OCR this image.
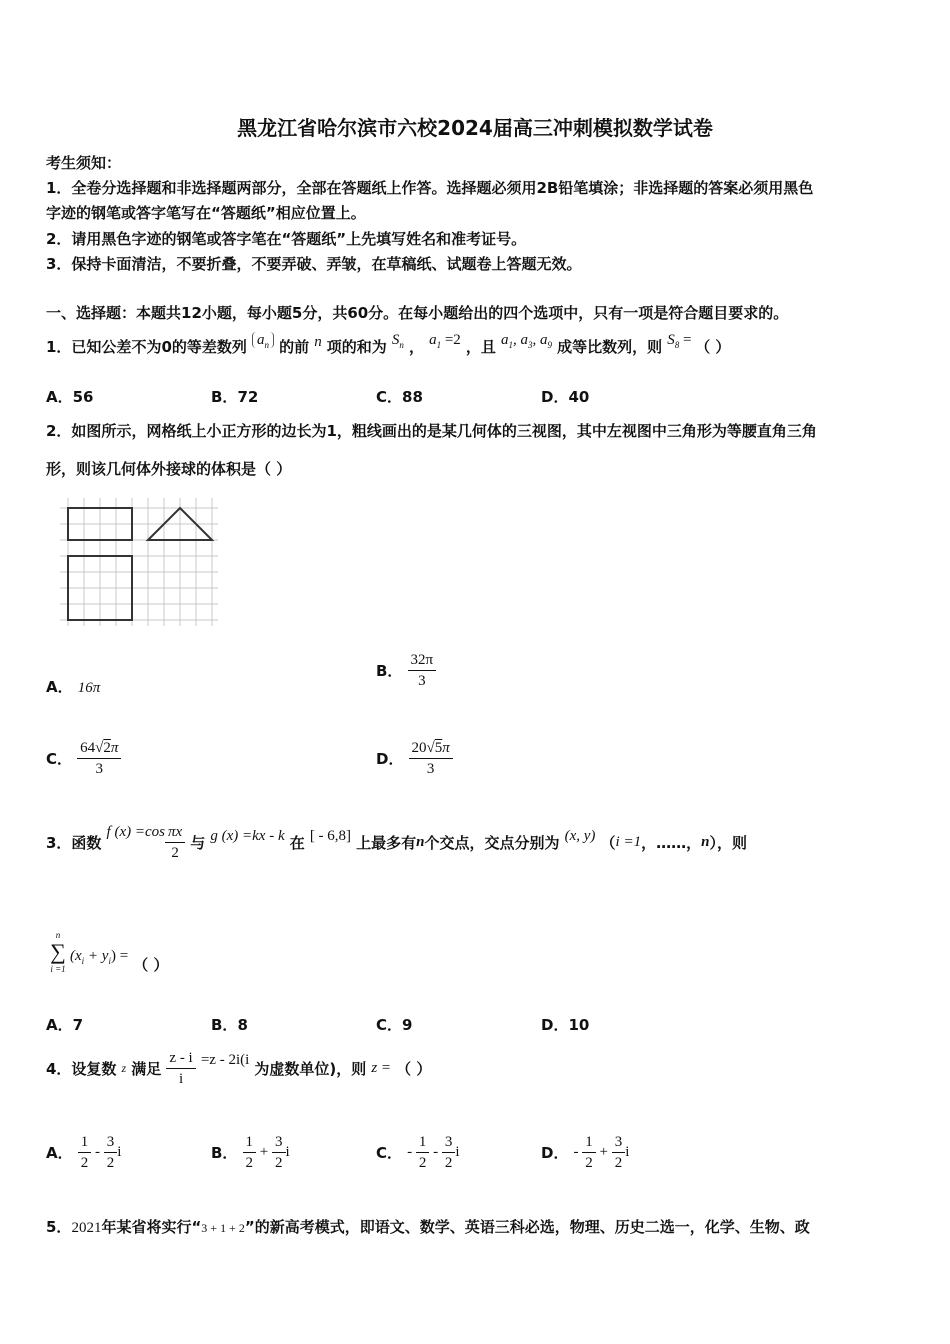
黑龙江省哈尔滨市六校2024届高三冲刺模拟数学试卷
考生须知：
1．全卷分选择题和非选择题两部分，全部在答题纸上作答。选择题必须用2B铅笔填涂；非选择题的答案必须用黑色
字迹的钢笔或答字笔写在“答题纸”相应位置上。
2．请用黑色字迹的钢笔或答字笔在“答题纸”上先填写姓名和准考证号。
3．保持卡面清洁，不要折叠，不要弄破、弄皱，在草稿纸、试题卷上答题无效。
一、选择题：本题共12小题，每小题5分，共60分。在每小题给出的四个选项中，只有一项是符合题目要求的。
1．已知公差不为0的等差数列 $a_n$ 的前 n 项的和为 $S_n$ ， $a_1 =2$ ，且 $a_1$, $a_3$, $a_9$ 成等比数列，则 $S_8$ = （ ）
A．56	B．72	C．88	D．40
2．如图所示，网格纸上小正方形的边长为1，粗线画出的是某几何体的三视图，其中左视图中三角形为等腰直角三角
形，则该几何体外接球的体积是（ ）
A． 16π
B． $\frac{32\pi}{3}$
C． $\frac{64√2\pi}{3}$	D． $\frac{20√5\pi}{3}$
3．函数 f $(x) =\cos \frac{\pi x}{2}$ 与 g (x) =kx - k 在 [ - 6,8] 上最多有n个交点，交点分别为 (x, y) （i =1，……，n），则
n
∑
i =1
$(x_i + y_i)$ = （ ）
A．7	B．8	C．9	D．10
4．设复数 z 满足 $\frac{z - i}{i} =z - 2i(i$ 为虚数单位)，则 z = （ ）
A． $\frac{1}{2} - \frac{3}{2}$ i	B． $\frac{1}{2} + \frac{3}{2}$ i	C． - $\frac{1}{2} - \frac{3}{2}$ i	D． - $\frac{1}{2} + \frac{3}{2}$ i
5．2021年某省将实行“3 + 1 + 2”的新高考模式，即语文、数学、英语三科必选，物理、历史二选一，化学、生物、政
